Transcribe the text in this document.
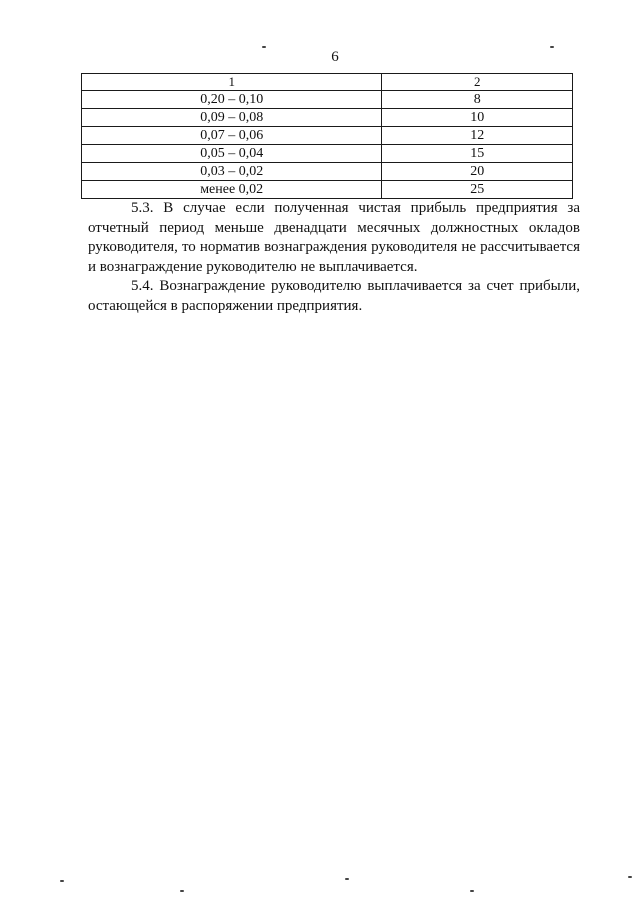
6
1	2
0,20 – 0,10	8
0,09 – 0,08	10
0,07 – 0,06	12
0,05 – 0,04	15
0,03 – 0,02	20
менее 0,02	25

5.3. В случае если полученная чистая прибыль предприятия за отчетный период меньше двенадцати месячных должностных окладов руководителя, то норматив вознаграждения руководителя не рассчитывается и вознаграждение руководителю не выплачивается.

5.4. Вознаграждение руководителю выплачивается за счет прибыли, остающейся в распоряжении предприятия.
